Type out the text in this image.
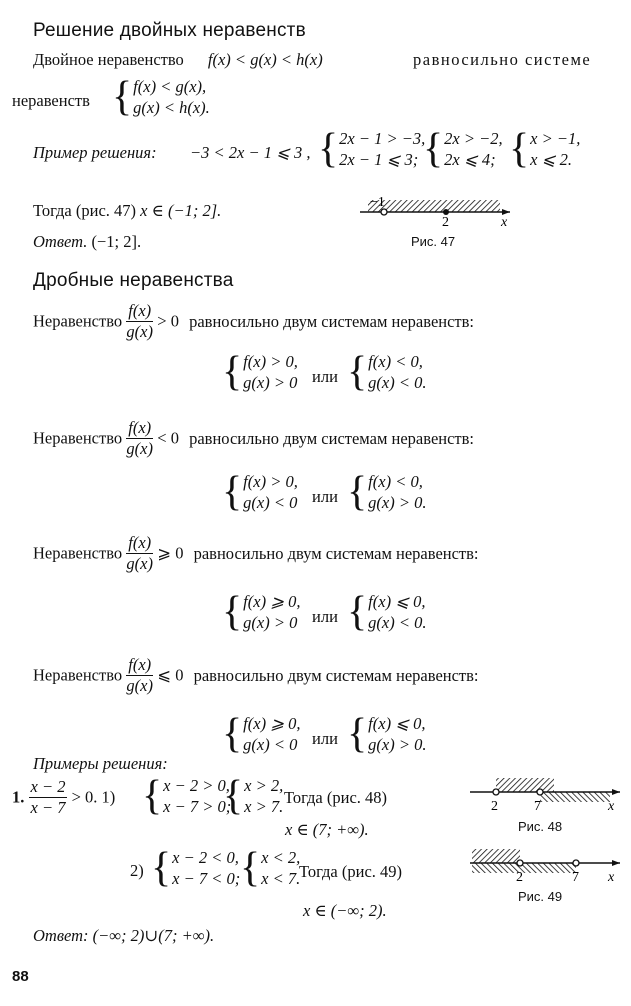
Решение двойных неравенств
Двойное неравенство f(x) < g(x) < h(x)	равносильно системе
неравенств { f(x) < g(x),
g(x) < h(x).
Пример решения: −3 < 2x − 1 ⩽ 3 , { 2x − 1 > −3,
2x − 1 ⩽ 3; { 2x > −2,
2x ⩽ 4; { x > −1,
x ⩽ 2.
Тогда (рис. 47) x ∈ (−1; 2].
Ответ. (−1; 2].
−1
2	x
Рис. 47
Дробные неравенства
Неравенство $\frac{f(x)}{g(x)} > 0$ равносильно двум системам неравенств:
{ f(x) > 0,
g(x) > 0 или { f(x) < 0,
g(x) < 0.
Неравенство $\frac{f(x)}{g(x)} < 0$ равносильно двум системам неравенств:
{ f(x) > 0,
g(x) < 0 или { f(x) < 0,
g(x) > 0.
Неравенство $\frac{f(x)}{g(x)}$ ⩾ 0 равносильно двум системам неравенств:
{ f(x) ⩾ 0,
g(x) > 0 или { f(x) ⩽ 0,
g(x) < 0.
Неравенство $\frac{f(x)}{g(x)}$ ⩽ 0 равносильно двум системам неравенств:
{ f(x) ⩾ 0,
g(x) < 0 или { f(x) ⩽ 0,
g(x) > 0.
Примеры решения:
1. $\frac{x - 2}{x - 7} > 0$. 1) { x − 2 > 0,
x − 7 > 0;
{ x > 2,
x > 7. Тогда (рис. 48)
x ∈ (7; +∞).
2) { x − 2 < 0,
x − 7 < 0; { x < 2,
x < 7.
Тогда (рис. 49)
x ∈ (−∞; 2).
Ответ: (−∞; 2)∪(7; +∞).
2	7	x
Рис. 48
2	7 x
Рис. 49
88
